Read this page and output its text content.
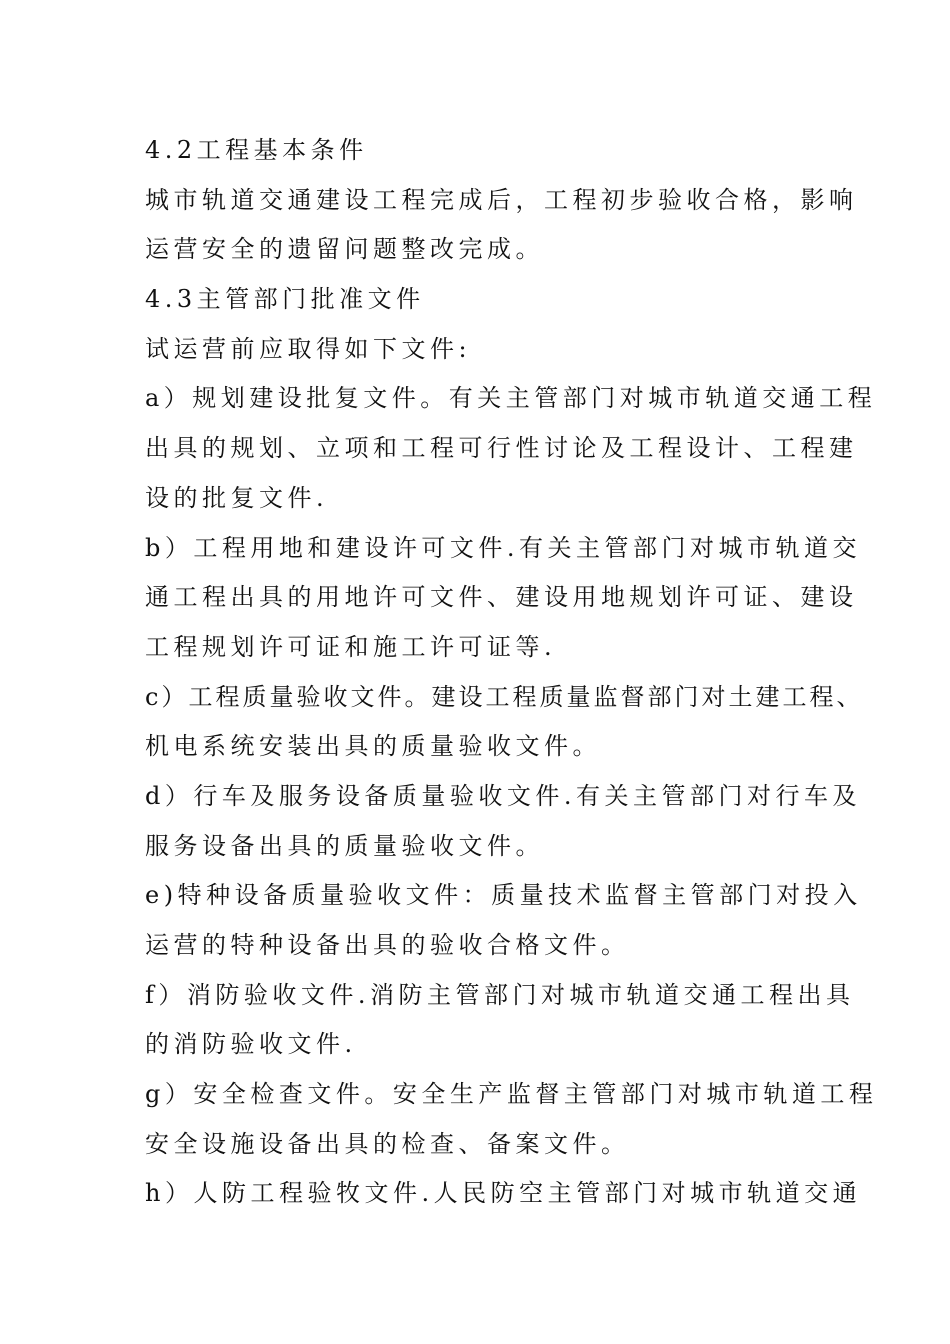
4.2工程基本条件
城市轨道交通建设工程完成后，工程初步验收合格，影响
运营安全的遗留问题整改完成。
4.3主管部门批准文件
试运营前应取得如下文件:
a）规划建设批复文件。有关主管部门对城市轨道交通工程
出具的规划、立项和工程可行性讨论及工程设计、工程建
设的批复文件.
b）工程用地和建设许可文件.有关主管部门对城市轨道交
通工程出具的用地许可文件、建设用地规划许可证、建设
工程规划许可证和施工许可证等.
c）工程质量验收文件。建设工程质量监督部门对土建工程、
机电系统安装出具的质量验收文件。
d）行车及服务设备质量验收文件.有关主管部门对行车及
服务设备出具的质量验收文件。
e)特种设备质量验收文件：质量技术监督主管部门对投入
运营的特种设备出具的验收合格文件。
f）消防验收文件.消防主管部门对城市轨道交通工程出具
的消防验收文件.
g）安全检查文件。安全生产监督主管部门对城市轨道工程
安全设施设备出具的检查、备案文件。
h）人防工程验牧文件.人民防空主管部门对城市轨道交通
